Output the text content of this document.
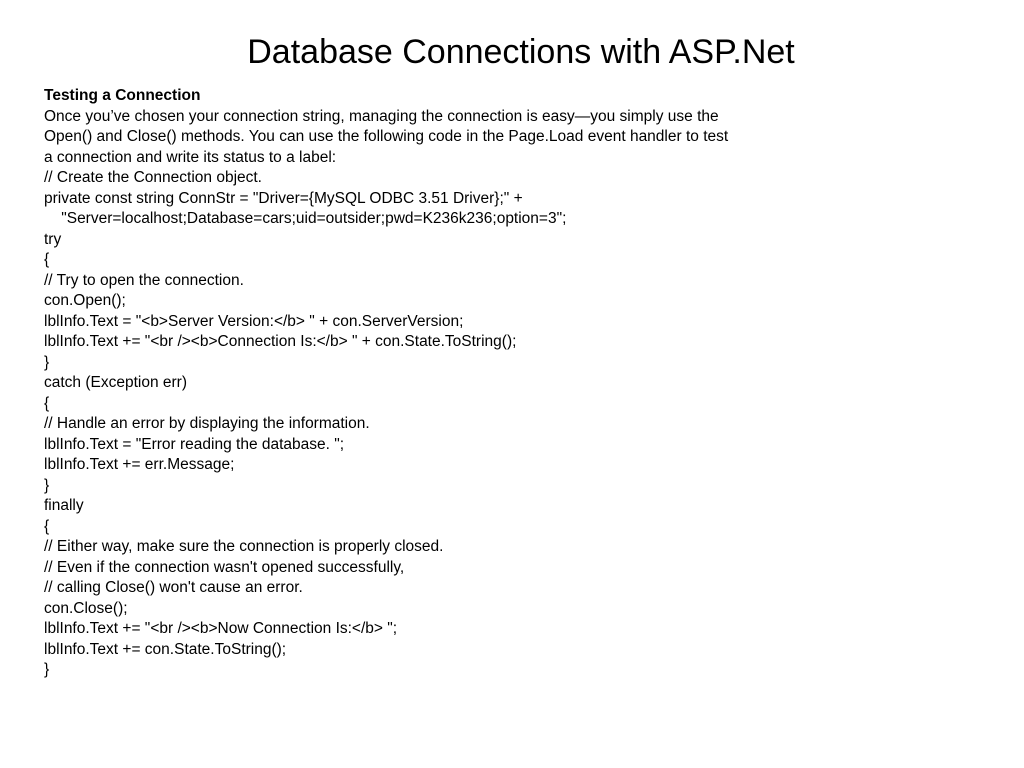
Database Connections with ASP.Net
Testing a Connection
Once you’ve chosen your connection string, managing the connection is easy—you simply use the
Open() and Close() methods. You can use the following code in the Page.Load event handler to test
a connection and write its status to a label:
// Create the Connection object.
private const string ConnStr = "Driver={MySQL ODBC 3.51 Driver};" +
"Server=localhost;Database=cars;uid=outsider;pwd=K236k236;option=3";
try
{
// Try to open the connection.
con.Open();
lblInfo.Text = "<b>Server Version:</b> " + con.ServerVersion;
lblInfo.Text += "<br /><b>Connection Is:</b> " + con.State.ToString();
}
catch (Exception err)
{
// Handle an error by displaying the information.
lblInfo.Text = "Error reading the database. ";
lblInfo.Text += err.Message;
}
finally
{
// Either way, make sure the connection is properly closed.
// Even if the connection wasn't opened successfully,
// calling Close() won't cause an error.
con.Close();
lblInfo.Text += "<br /><b>Now Connection Is:</b> ";
lblInfo.Text += con.State.ToString();
}
